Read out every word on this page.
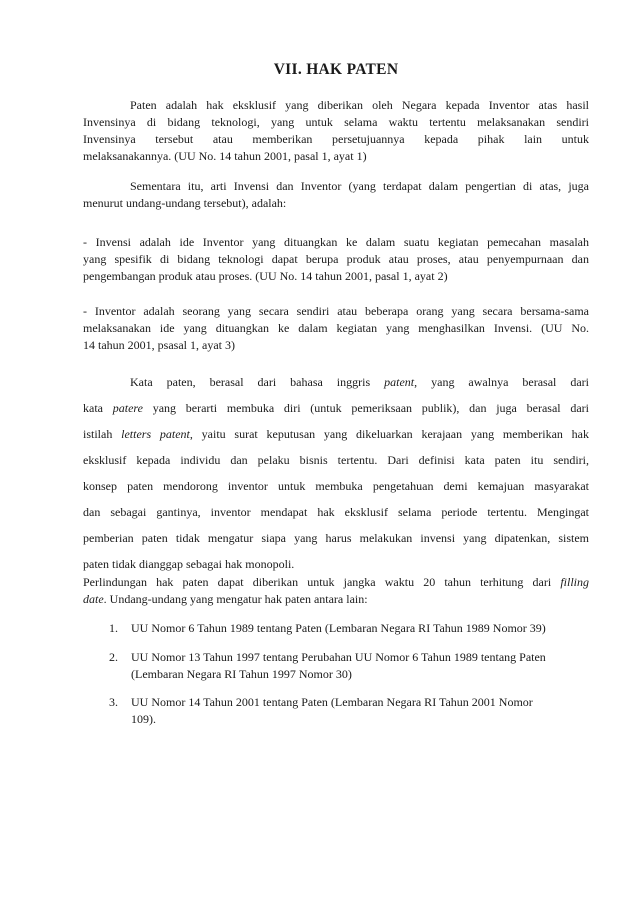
VII. HAK PATEN
Paten adalah hak eksklusif yang diberikan oleh Negara kepada Inventor atas hasil
Invensinya di bidang teknologi, yang untuk selama waktu tertentu melaksanakan sendiri
Invensinya tersebut atau memberikan persetujuannya kepada pihak lain untuk
melaksanakannya. (UU No. 14 tahun 2001, pasal 1, ayat 1)
Sementara itu, arti Invensi dan Inventor (yang terdapat dalam pengertian di atas, juga
menurut undang-undang tersebut), adalah:
- Invensi adalah ide Inventor yang dituangkan ke dalam suatu kegiatan pemecahan masalah
yang spesifik di bidang teknologi dapat berupa produk atau proses, atau penyempurnaan dan
pengembangan produk atau proses. (UU No. 14 tahun 2001, pasal 1, ayat 2)
- Inventor adalah seorang yang secara sendiri atau beberapa orang yang secara bersama-sama
melaksanakan ide yang dituangkan ke dalam kegiatan yang menghasilkan Invensi. (UU No.
14 tahun 2001, psasal 1, ayat 3)
Kata paten, berasal dari bahasa inggris patent, yang awalnya berasal dari
kata patere yang berarti membuka diri (untuk pemeriksaan publik), dan juga berasal dari
istilah letters patent, yaitu surat keputusan yang dikeluarkan kerajaan yang memberikan hak
eksklusif kepada individu dan pelaku bisnis tertentu. Dari definisi kata paten itu sendiri,
konsep paten mendorong inventor untuk membuka pengetahuan demi kemajuan masyarakat
dan sebagai gantinya, inventor mendapat hak eksklusif selama periode tertentu. Mengingat
pemberian paten tidak mengatur siapa yang harus melakukan invensi yang dipatenkan, sistem
paten tidak dianggap sebagai hak monopoli.
Perlindungan hak paten dapat diberikan untuk jangka waktu 20 tahun terhitung dari filling
date. Undang-undang yang mengatur hak paten antara lain:
1.	UU Nomor 6 Tahun 1989 tentang Paten (Lembaran Negara RI Tahun 1989 Nomor 39)
2.	UU Nomor 13 Tahun 1997 tentang Perubahan UU Nomor 6 Tahun 1989 tentang Paten
(Lembaran Negara RI Tahun 1997 Nomor 30)
3.	UU Nomor 14 Tahun 2001 tentang Paten (Lembaran Negara RI Tahun 2001 Nomor
109).
